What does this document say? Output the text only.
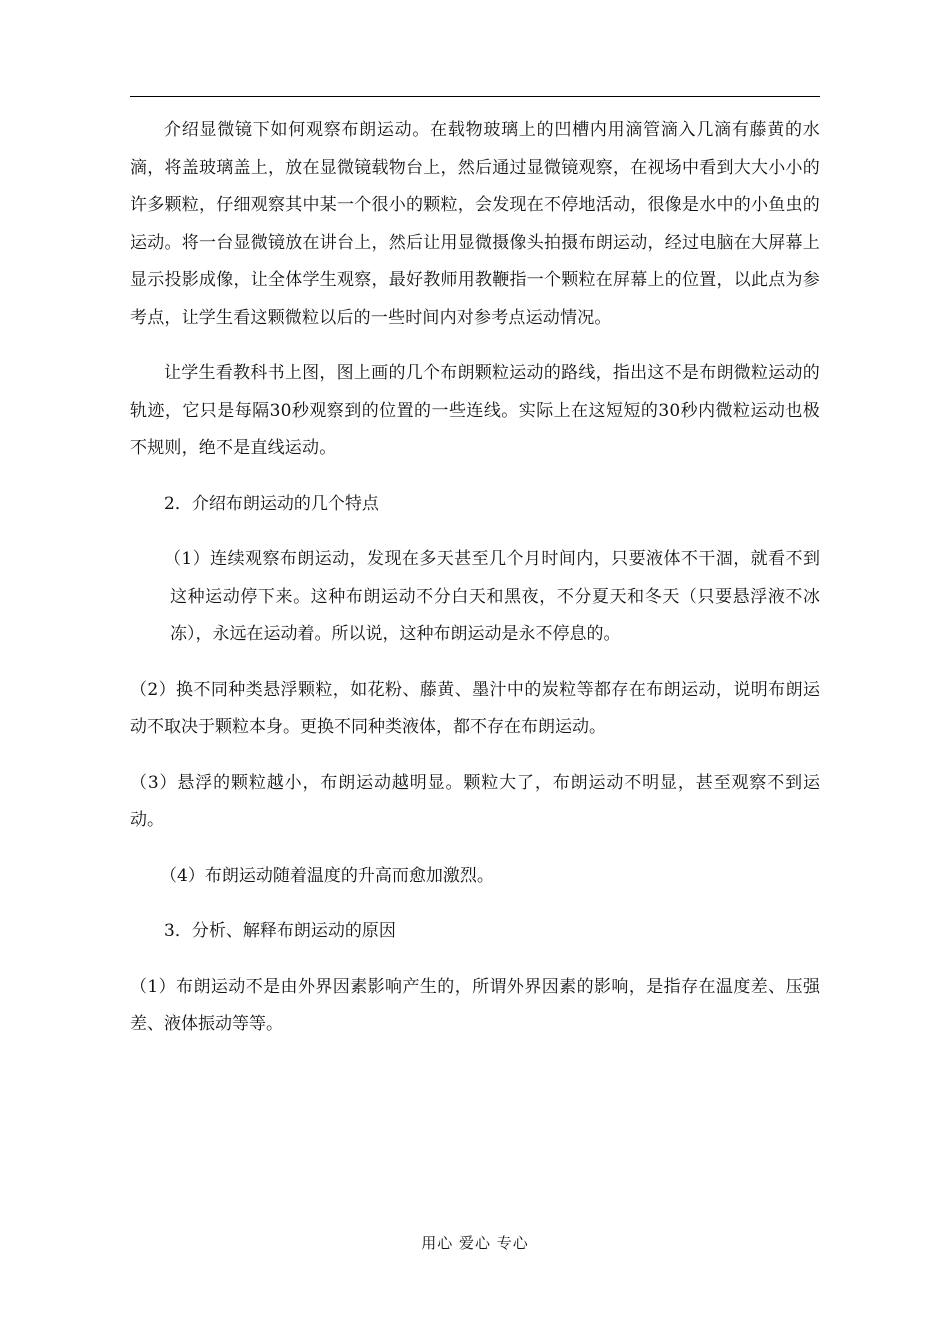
介绍显微镜下如何观察布朗运动。在载物玻璃上的凹槽内用滴管滴入几滴有藤黄的水滴，将盖玻璃盖上，放在显微镜载物台上，然后通过显微镜观察，在视场中看到大大小小的许多颗粒，仔细观察其中某一个很小的颗粒，会发现在不停地活动，很像是水中的小鱼虫的运动。将一台显微镜放在讲台上，然后让用显微摄像头拍摄布朗运动，经过电脑在大屏幕上显示投影成像，让全体学生观察，最好教师用教鞭指一个颗粒在屏幕上的位置，以此点为参考点，让学生看这颗微粒以后的一些时间内对参考点运动情况。

让学生看教科书上图，图上画的几个布朗颗粒运动的路线，指出这不是布朗微粒运动的轨迹，它只是每隔30秒观察到的位置的一些连线。实际上在这短短的30秒内微粒运动也极不规则，绝不是直线运动。

2．介绍布朗运动的几个特点

（1）连续观察布朗运动，发现在多天甚至几个月时间内，只要液体不干涸，就看不到这种运动停下来。这种布朗运动不分白天和黑夜，不分夏天和冬天（只要悬浮液不冰冻），永远在运动着。所以说，这种布朗运动是永不停息的。

（2）换不同种类悬浮颗粒，如花粉、藤黄、墨汁中的炭粒等都存在布朗运动，说明布朗运动不取决于颗粒本身。更换不同种类液体，都不存在布朗运动。

（3）悬浮的颗粒越小，布朗运动越明显。颗粒大了，布朗运动不明显，甚至观察不到运动。

（4）布朗运动随着温度的升高而愈加激烈。

3．分析、解释布朗运动的原因

（1）布朗运动不是由外界因素影响产生的，所谓外界因素的影响，是指存在温度差、压强差、液体振动等等。

用心 爱心 专心
